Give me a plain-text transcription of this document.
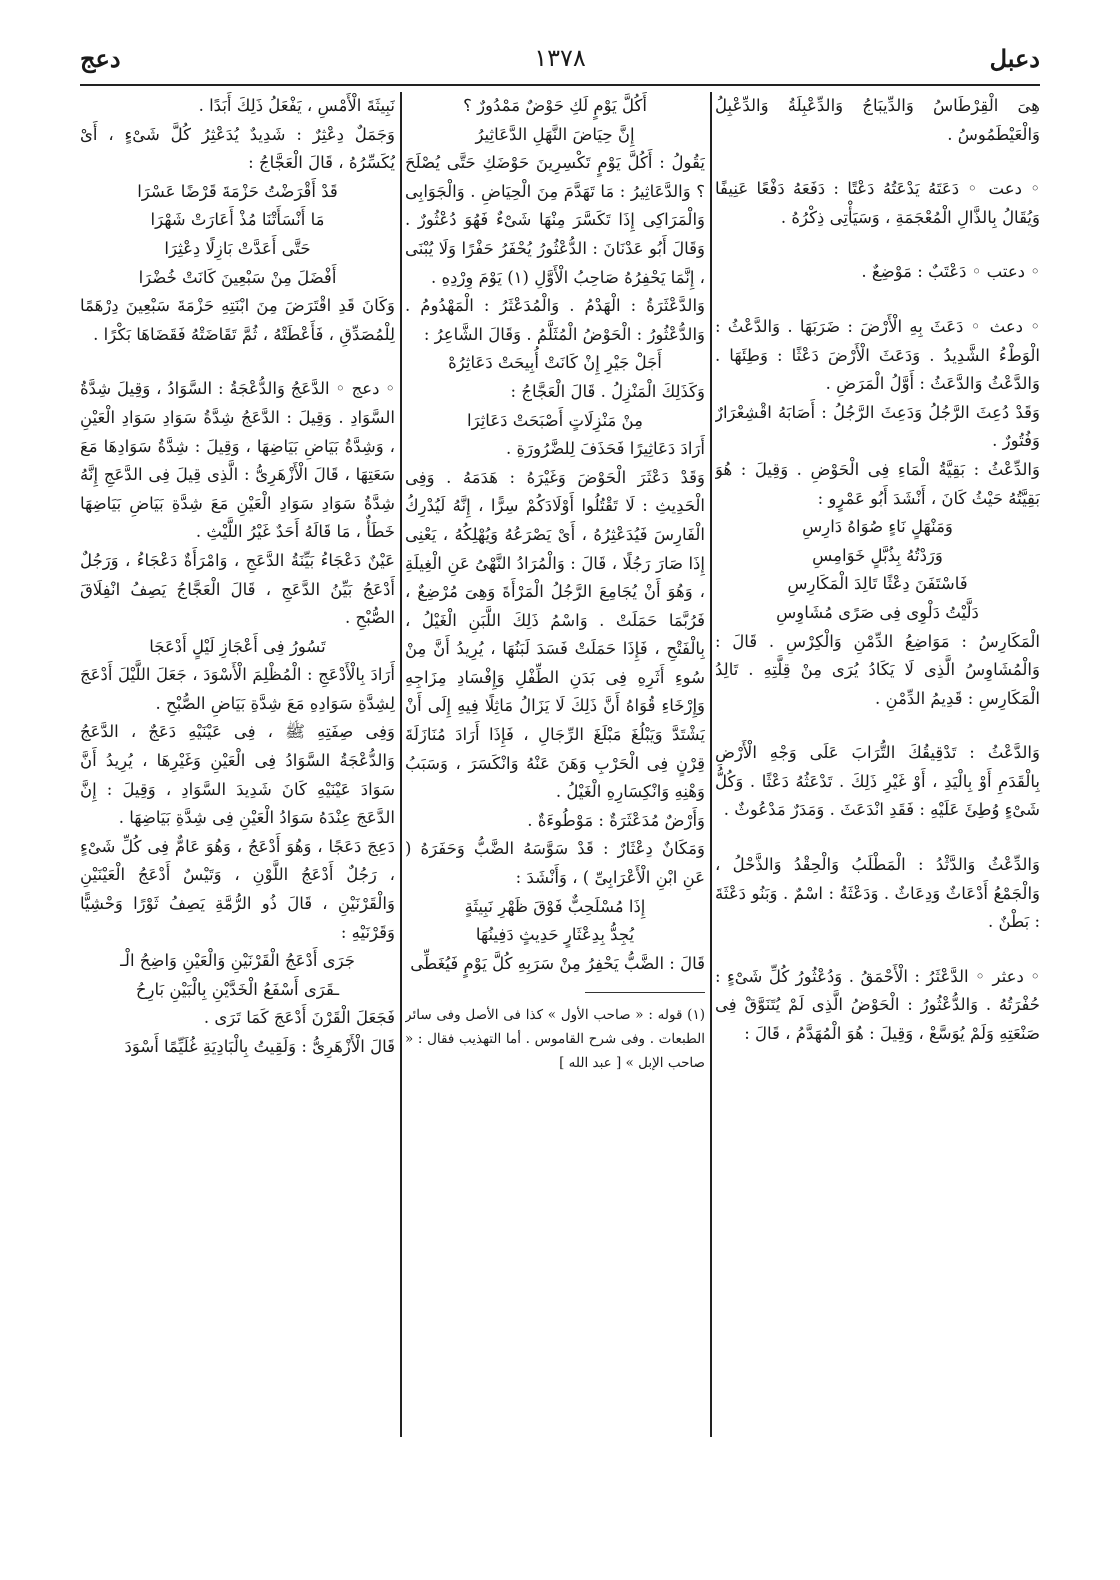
دعبل
١٣٧٨
دعج

هِىَ الْقِرْطَاسُ وَالدِّيبَاجُ وَالدِّعْبِلَةُ وَالدِّعْبِلُ وَالْعَيْطَمُوسُ .

◦ دعت ◦ دَعَتَهُ يَدْعَتُهُ دَعْتًا : دَفَعَهُ دَفْعًا عَنِيفًا وَيُقَالُ بِالذَّالِ الْمُعْجَمَةِ ، وَسَيَأْتِى ذِكْرُهُ .

◦ دعتب ◦ دَعْتَبٌ : مَوْضِعٌ .

◦ دعث ◦ دَعَثَ بِهِ الْأَرْضَ : ضَرَبَهَا . وَالدَّعْثُ : الْوَطْءُ الشَّدِيدُ . وَدَعَثَ الْأَرْضَ دَعْثًا : وَطِئَهَا . وَالدَّعْثُ وَالدَّعَثُ : أَوَّلُ الْمَرَضِ .

وَقَدْ دُعِثَ الرَّجُلُ وَدَعِثَ الرَّجُلُ : أَصَابَهُ اقْشِعْرَارٌ وَفُتُورٌ .

وَالدِّعْثُ : بَقِيَّةُ الْمَاءِ فِى الْحَوْضِ . وَقِيلَ : هُوَ بَقِيَّتُهُ حَيْثُ كَانَ ، أَنْشَدَ أَبُو عَمْرٍو :

وَمَنْهَلٍ نَاءٍ صُوَاهُ دَارِسِ

وَرَدْتُهُ بِذُبَّلٍ خَوَامِسِ

فَاسْتَفَنَ دِعْثًا تَالِدَ الْمَكَارِسِ

دَلَّيْتُ دَلْوِى فِى صَرًى مُشَاوِسِ

الْمَكَارِسُ : مَوَاضِعُ الدِّمْنِ وَالْكِرْسِ . قَالَ : وَالْمُشَاوِسُ الَّذِى لَا يَكَادُ يُرَى مِنْ قِلَّتِهِ . تَالِدُ الْمَكَارِسِ : قَدِيمُ الدِّمْنِ .

وَالدَّعْثُ : تَدْقِيقُكَ التُّرَابَ عَلَى وَجْهِ الْأَرْضِ بِالْقَدَمِ أَوْ بِالْيَدِ ، أَوْ غَيْرِ ذَلِكَ . تَدْعَثُهُ دَعْثًا . وَكُلُّ شَىْءٍ وُطِئَ عَلَيْهِ : فَقَدِ انْدَعَثَ . وَمَدَرٌ مَدْعُوثٌ .

وَالدِّعْثُ وَالدَّثْدُ : الْمَطْلَبُ وَالْحِقْدُ وَالذَّحْلُ ، وَالْجَمْعُ أَدْعَاثٌ وَدِعَاثٌ . وَدَعْثَةُ : اسْمٌ . وَبَنُو دَعْثَةَ : بَطْنٌ .

◦ دعثر ◦ الدَّعْثَرُ : الْأَحْمَقُ . وَدُعْثُورُ كُلِّ شَىْءٍ : حُفْرَتُهُ . وَالدُّعْثُورُ : الْحَوْضُ الَّذِى لَمْ يُتَنَوَّقْ فِى صَنْعَتِهِ وَلَمْ يُوَسَّعْ ، وَقِيلَ : هُوَ الْمُهَدَّمُ ، قَالَ :

أَكُلَّ يَوْمٍ لَكِ حَوْضٌ مَمْدُورٌ ؟

إِنَّ حِيَاضَ النَّهَلِ الدَّعَاثِيرُ

يَقُولُ : أَكُلَّ يَوْمٍ تَكْسِرِينَ حَوْضَكِ حَتَّى يُصْلَحَ ؟ وَالدَّعَاثِيرُ : مَا تَهَدَّمَ مِنَ الْحِيَاضِ . وَالْجَوَابِى وَالْمَرَاكِى إِذَا تَكَسَّرَ مِنْهَا شَىْءٌ فَهُوَ دُعْثُورٌ . وَقَالَ أَبُو عَدْنَانَ : الدُّعْثُورُ يُحْفَرُ حَفْرًا وَلَا يُبْنَى ، إِنَّمَا يَحْفِرُهُ صَاحِبُ الْأَوَّلِ (١) يَوْمَ وِرْدِهِ .

وَالدَّعْثَرَةُ : الْهَدْمُ . وَالْمُدَعْثَرُ : الْمَهْدُومُ . وَالدُّعْثُورُ : الْحَوْضُ الْمُثَلَّمُ . وَقَالَ الشَّاعِرُ :

أَجَلْ جَيْرِ إِنْ كَانَتْ أُبِيحَتْ دَعَاثِرُهْ

وَكَذَلِكَ الْمَنْزِلُ . قَالَ الْعَجَّاجُ :

مِنْ مَنْزِلَاتٍ أَصْبَحَتْ دَعَاثِرَا

أَرَادَ دَعَاثِيرًا فَحَذَفَ لِلضَّرُورَةِ .

وَقَدْ دَعْثَرَ الْحَوْضَ وَغَيْرَهُ : هَدَمَهُ . وَفِى الْحَدِيثِ : لَا تَقْتُلُوا أَوْلَادَكُمْ سِرًّا ، إِنَّهُ لَيُدْرِكُ الْفَارِسَ فَيُدَعْثِرُهُ ، أَىْ يَصْرَعُهُ وَيُهْلِكُهُ ، يَعْنِى إِذَا صَارَ رَجُلًا ، قَالَ : وَالْمُرَادُ النَّهْىُ عَنِ الْغِيلَةِ ، وَهُوَ أَنْ يُجَامِعَ الرَّجُلُ الْمَرْأَةَ وَهِىَ مُرْضِعٌ ، فَرُبَّمَا حَمَلَتْ . وَاسْمُ ذَلِكَ اللَّبَنِ الْغَيْلُ ، بِالْفَتْحِ ، فَإِذَا حَمَلَتْ فَسَدَ لَبَنُهَا ، يُرِيدُ أَنَّ مِنْ سُوءِ أَثَرِهِ فِى بَدَنِ الطِّفْلِ وَإِفْسَادِ مِزَاجِهِ وَإِرْخَاءِ قُوَاهُ أَنَّ ذَلِكَ لَا يَزَالُ مَاثِلًا فِيهِ إِلَى أَنْ يَشْتَدَّ وَيَبْلُغَ مَبْلَغَ الرِّجَالِ ، فَإِذَا أَرَادَ مُنَازَلَةَ قِرْنٍ فِى الْحَرْبِ وَهَنَ عَنْهُ وَانْكَسَرَ ، وَسَبَبُ وَهْنِهِ وَانْكِسَارِهِ الْغَيْلُ .

وَأَرْضٌ مُدَعْثَرَةٌ : مَوْطُوءَةٌ .

وَمَكَانٌ دِعْثَارٌ : قَدْ سَوَّسَهُ الضَّبُّ وَحَفَرَهُ ( عَنِ ابْنِ الْأَعْرَابِىِّ ) ، وَأَنْشَدَ :

إِذَا مُسْلَحِبٌّ فَوْقَ ظَهْرِ نَبِيثَةٍ

يُجِدُّ بِدِعْثَارٍ حَدِيثٍ دَفِينُهَا

قَالَ : الضَّبُّ يَحْفِرُ مِنْ سَرَبِهِ كُلَّ يَوْمٍ فَيُغَطِّى

(١) قوله : « صاحب الأول » كذا فى الأصل وفى سائر الطبعات . وفى شرح القاموس . أما التهذيب فقال : « صاحب الإبل » [ عبد الله ]

نَبِيثَةَ الْأَمْسِ ، يَفْعَلُ ذَلِكَ أَبَدًا .

وَجَمَلٌ دِعْثِرٌ : شَدِيدٌ يُدَعْثِرُ كُلَّ شَىْءٍ ، أَىْ يُكَسِّرُهُ ، قَالَ الْعَجَّاجُ :

قَدْ أَقْرَضْتُ حَزْمَةَ قَرْضًا عَسْرَا

مَا أَنْسَأَتْنَا مُذْ أَعَارَتْ شَهْرَا

حَتَّى أَعَدَّتْ بَازِلًا دِعْثِرَا

أَفْضَلَ مِنْ سَبْعِينَ كَانَتْ خُضْرَا

وَكَانَ قَدِ اقْتَرَضَ مِنَ ابْنَتِهِ حَزْمَةَ سَبْعِينَ دِرْهَمًا لِلْمُصَدِّقِ ، فَأَعْطَتْهُ ، ثُمَّ تَقَاضَتْهُ فَقَضَاهَا بَكْرًا .

◦ دعج ◦ الدَّعَجُ وَالدُّعْجَةُ : السَّوَادُ ، وَقِيلَ شِدَّةُ السَّوَادِ . وَقِيلَ : الدَّعَجُ شِدَّةُ سَوَادِ سَوَادِ الْعَيْنِ ، وَشِدَّةُ بَيَاضِ بَيَاضِهَا ، وَقِيلَ : شِدَّةُ سَوَادِهَا مَعَ سَعَتِهَا ، قَالَ الْأَزْهَرِىُّ : الَّذِى قِيلَ فِى الدَّعَجِ إِنَّهُ شِدَّةُ سَوَادِ سَوَادِ الْعَيْنِ مَعَ شِدَّةِ بَيَاضِ بَيَاضِهَا خَطَأٌ ، مَا قَالَهُ أَحَدٌ غَيْرُ اللَّيْثِ .

عَيْنٌ دَعْجَاءُ بَيِّنَةُ الدَّعَجِ ، وَامْرَأَةٌ دَعْجَاءُ ، وَرَجُلٌ أَدْعَجُ بَيِّنُ الدَّعَجِ ، قَالَ الْعَجَّاجُ يَصِفُ انْفِلَاقَ الصُّبْحِ .

تَسُورُ فِى أَعْجَازِ لَيْلٍ أَدْعَجَا

أَرَادَ بِالْأَدْعَجِ : الْمُظْلِمَ الْأَسْوَدَ ، جَعَلَ اللَّيْلَ أَدْعَجَ لِشِدَّةِ سَوَادِهِ مَعَ شِدَّةِ بَيَاضِ الصُّبْحِ .

وَفِى صِفَتِهِ ﷺ ، فِى عَيْنَيْهِ دَعَجٌ ، الدَّعَجُ وَالدُّعْجَةُ السَّوَادُ فِى الْعَيْنِ وَغَيْرِهَا ، يُرِيدُ أَنَّ سَوَادَ عَيْنَيْهِ كَانَ شَدِيدَ السَّوَادِ ، وَقِيلَ : إِنَّ الدَّعَجَ عِنْدَهُ سَوَادُ الْعَيْنِ فِى شِدَّةِ بَيَاضِهَا .

دَعِجَ دَعَجًا ، وَهُوَ أَدْعَجُ ، وَهُوَ عَامٌّ فِى كُلِّ شَىْءٍ ، رَجُلٌ أَدْعَجُ اللَّوْنِ ، وَتَيْسٌ أَدْعَجُ الْعَيْنَيْنِ وَالْقَرْنَيْنِ ، قَالَ ذُو الرُّمَّةِ يَصِفُ ثَوْرًا وَحْشِيًّا وَقَرْنَيْهِ :

جَرَى أَدْعَجُ الْقَرْنَيْنِ وَالْعَيْنِ وَاضِحُ الْـ

ـقَرَى أَسْفَعُ الْخَدَّيْنِ بِالْبَيْنِ بَارِحُ

فَجَعَلَ الْقَرْنَ أَدْعَجَ كَمَا تَرَى .

قَالَ الْأَزْهَرِىُّ : وَلَقِيتُ بِالْبَادِيَةِ غُلَيِّمًا أَسْوَدَ
